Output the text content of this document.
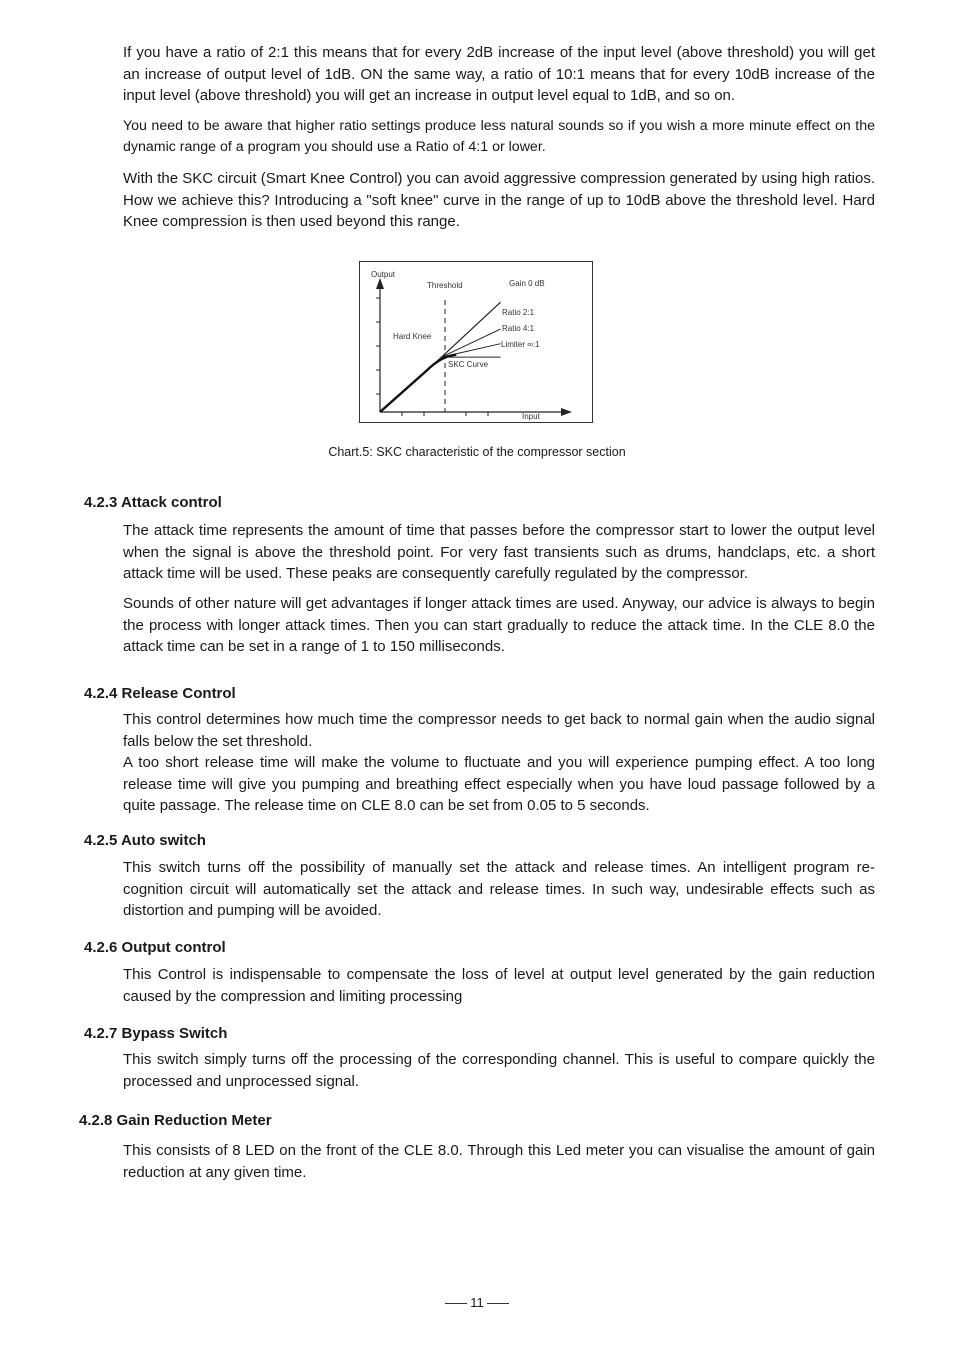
If you have a ratio of 2:1 this means that for every 2dB increase of the input level (above threshold) you will get an increase of output level of 1dB. ON the same way, a ratio of 10:1 means that for every 10dB increase of the input level (above threshold) you will get an increase in output level equal to 1dB, and so on.

You need to be aware that higher ratio settings produce less natural sounds so if you wish a more minute effect on the dynamic range of a program you should use a Ratio of 4:1 or lower.

With the SKC circuit (Smart Knee Control) you can avoid aggressive compression generated by using high ratios. How we achieve this? Introducing a "soft knee" curve in the range of up to 10dB above the threshold level. Hard Knee compression is then used beyond this range.

Output
Input
Threshold	Gain 0 dB
Ratio 2:1
Ratio 4:1
Limiter ∞:1
Hard Knee
SKC Curve
Chart.5: SKC characteristic of the compressor section

4.2.3 Attack control

The attack time represents the amount of time that passes before the compressor start to lower the output level when the signal is above the threshold point. For very fast transients such as drums, handclaps, etc. a short attack time will be used. These peaks are consequently carefully regulated by the compressor.

Sounds of other nature will get advantages if longer attack times are used. Anyway, our advice is always to begin the process with longer attack times. Then you can start gradually to reduce the attack time. In the CLE 8.0 the attack time can be set in a range of 1 to 150 milliseconds.

4.2.4 Release Control

This control determines how much time the compressor needs to get back to normal gain when the audio signal falls below the set threshold.

A too short release time will make the volume to fluctuate and you will experience pumping effect. A too long release time will give you pumping and breathing effect especially when you have loud passage followed by a quite passage. The release time on CLE 8.0 can be set from 0.05 to 5 seconds.

4.2.5 Auto switch

This switch turns off the possibility of manually set the attack and release times. An intelligent program re-cognition circuit will automatically set the attack and release times. In such way, undesirable effects such as distortion and pumping will be avoided.

4.2.6 Output control

This Control is indispensable to compensate the loss of level at output level generated by the gain reduction caused by the compression and limiting processing

4.2.7 Bypass Switch

This switch simply turns off the processing of the corresponding channel. This is useful to compare quickly the processed and unprocessed signal.

4.2.8 Gain Reduction Meter

This consists of 8 LED on the front of the CLE 8.0. Through this Led meter you can visualise the amount of gain reduction at any given time.

11
